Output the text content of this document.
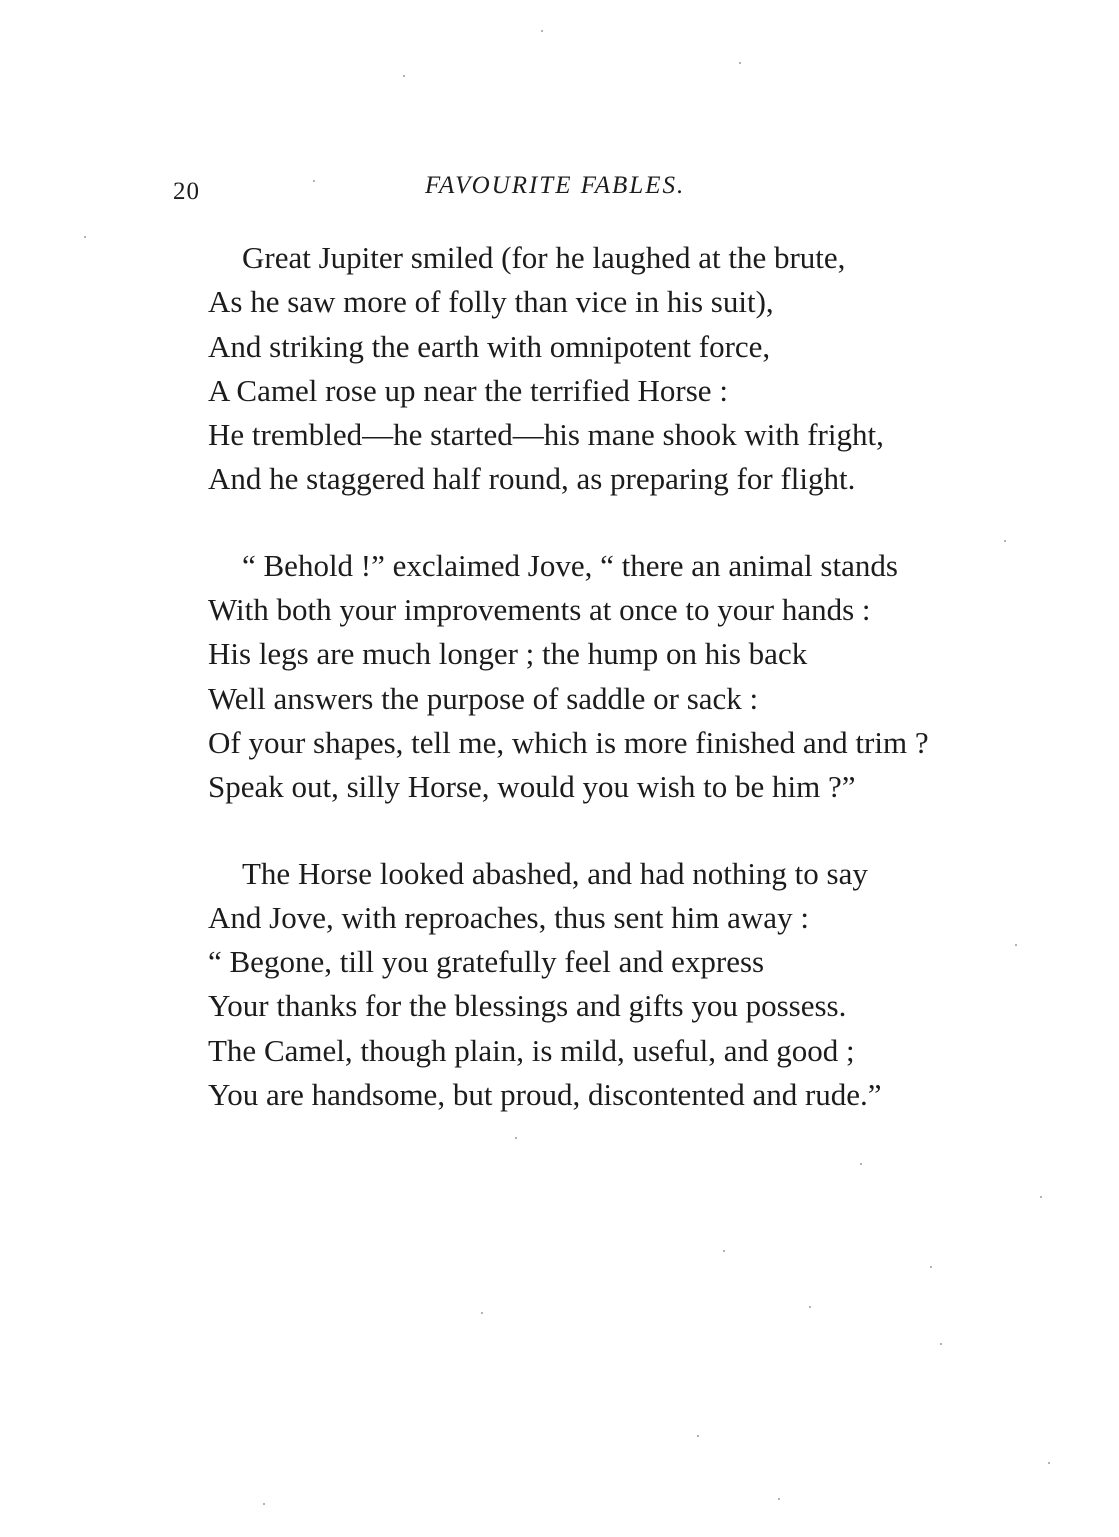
20	FAVOURITE FABLES.
Great Jupiter smiled (for he laughed at the brute,
As he saw more of folly than vice in his suit),
And striking the earth with omnipotent force,
A Camel rose up near the terrified Horse :
He trembled—he started—his mane shook with fright,
And he staggered half round, as preparing for flight.
“ Behold !” exclaimed Jove, “ there an animal stands
With both your improvements at once to your hands :
His legs are much longer ; the hump on his back
Well answers the purpose of saddle or sack :
Of your shapes, tell me, which is more finished and trim ?
Speak out, silly Horse, would you wish to be him ?”
The Horse looked abashed, and had nothing to say
And Jove, with reproaches, thus sent him away :
“ Begone, till you gratefully feel and express
Your thanks for the blessings and gifts you possess.
The Camel, though plain, is mild, useful, and good ;
You are handsome, but proud, discontented and rude.”
